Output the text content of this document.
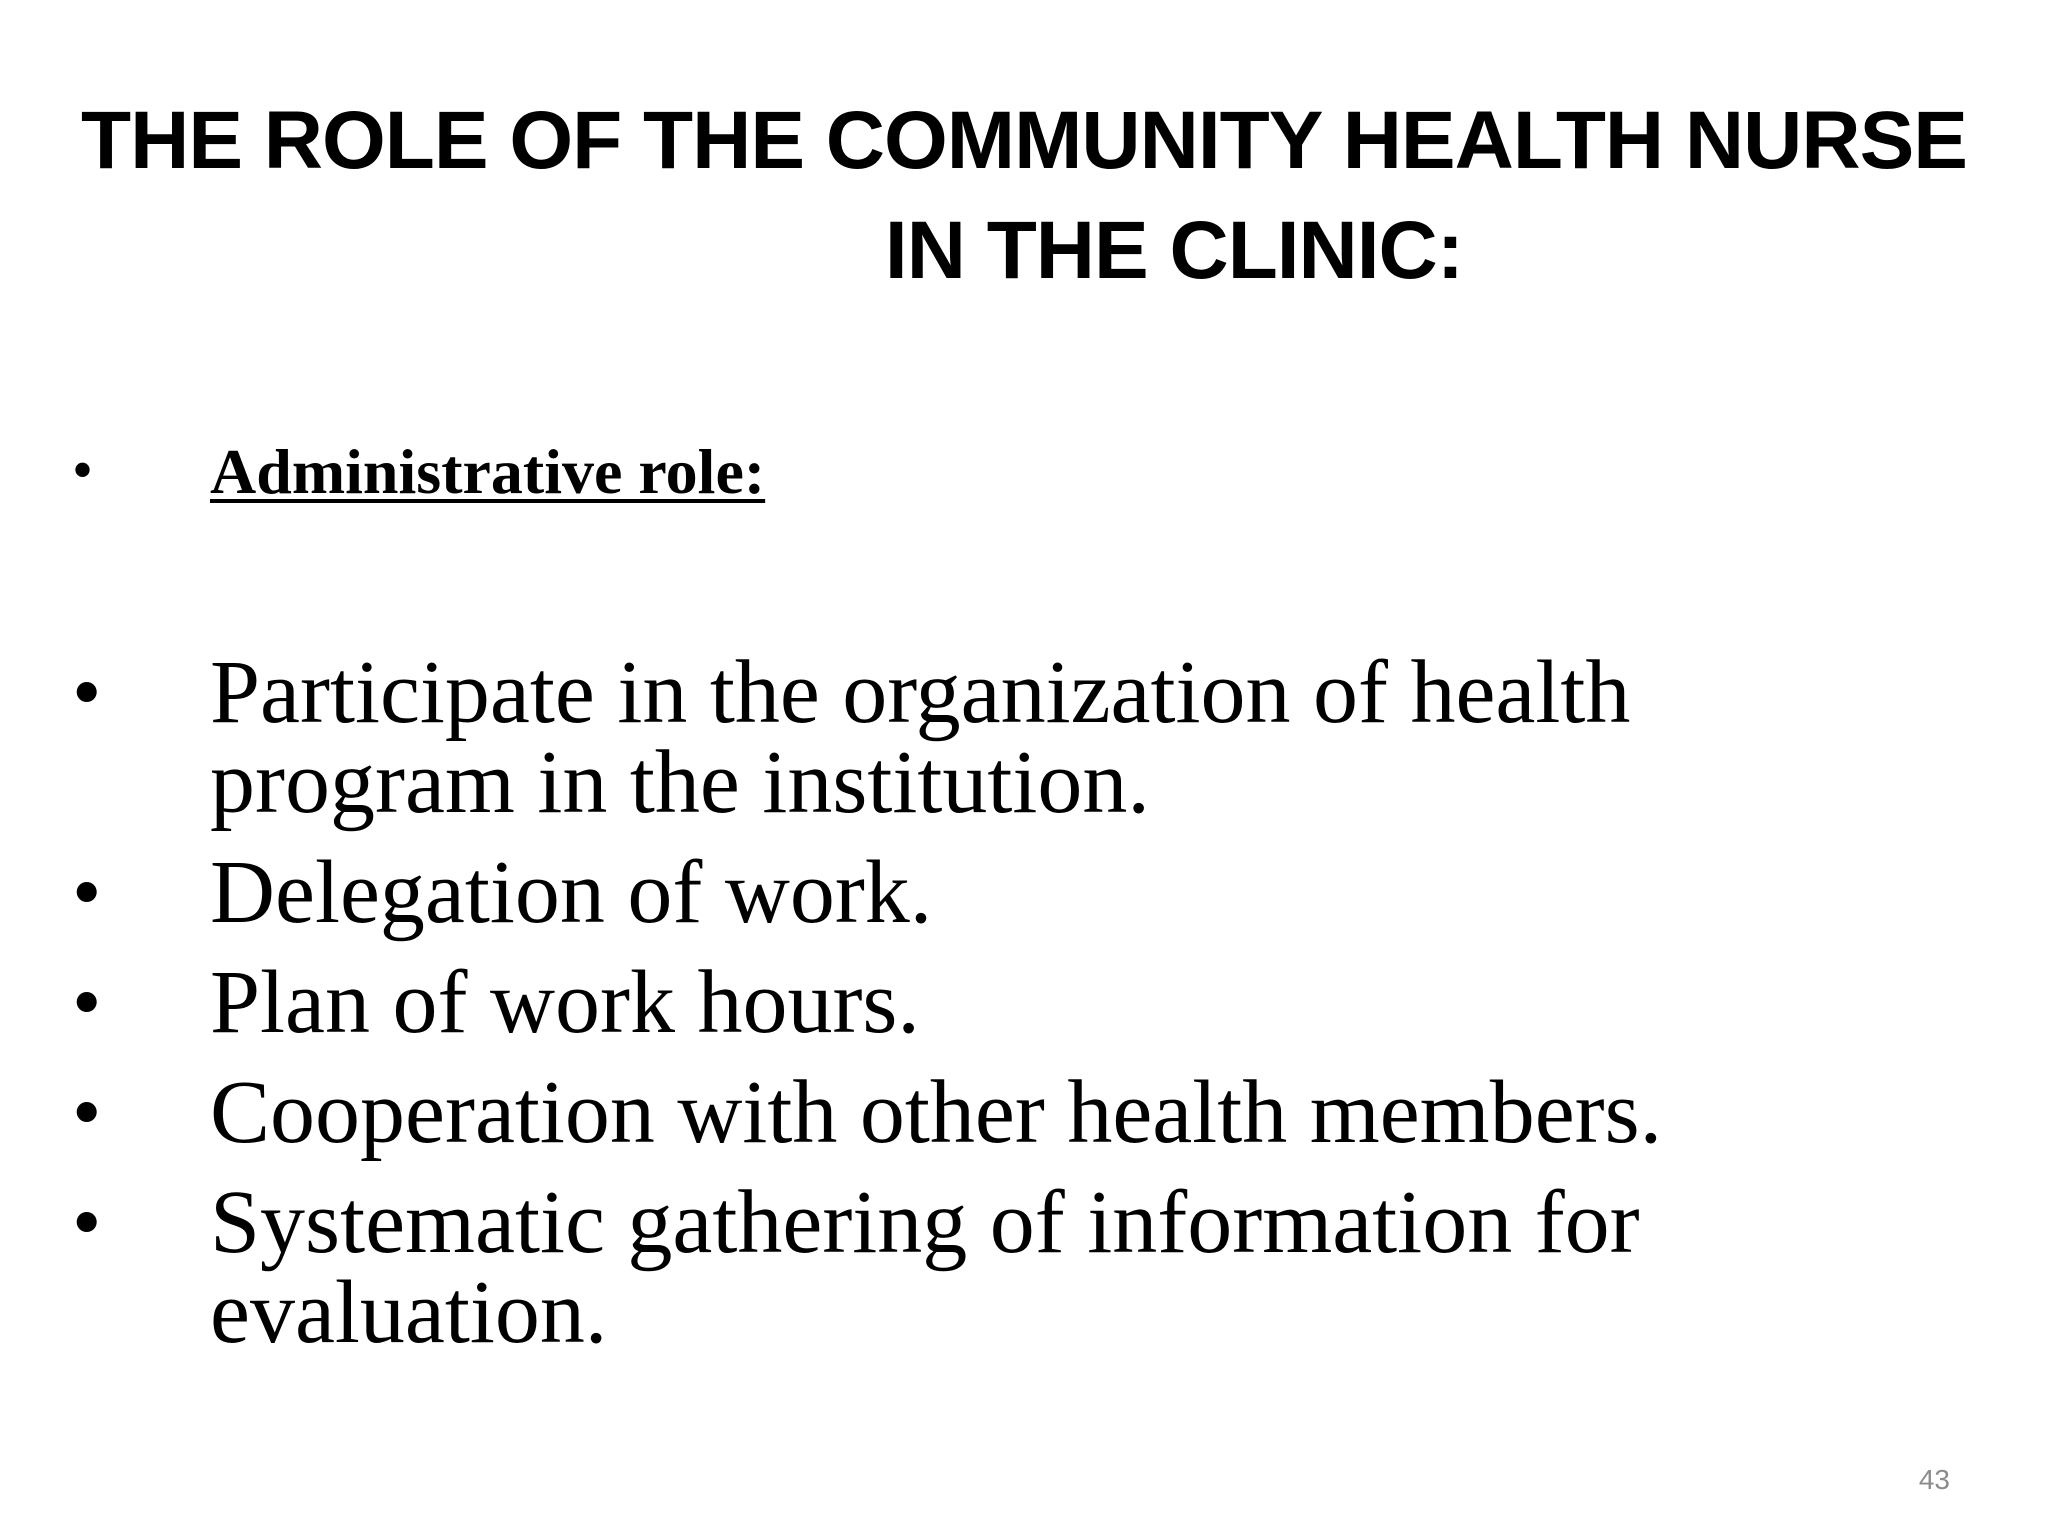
THE ROLE OF THE COMMUNITY HEALTH NURSE
IN THE CLINIC:
• Administrative role:
• Participate in the organization of health program in the institution.
• Delegation of work.
• Plan of work hours.
• Cooperation with other health members.
• Systematic gathering of information for evaluation.
43
